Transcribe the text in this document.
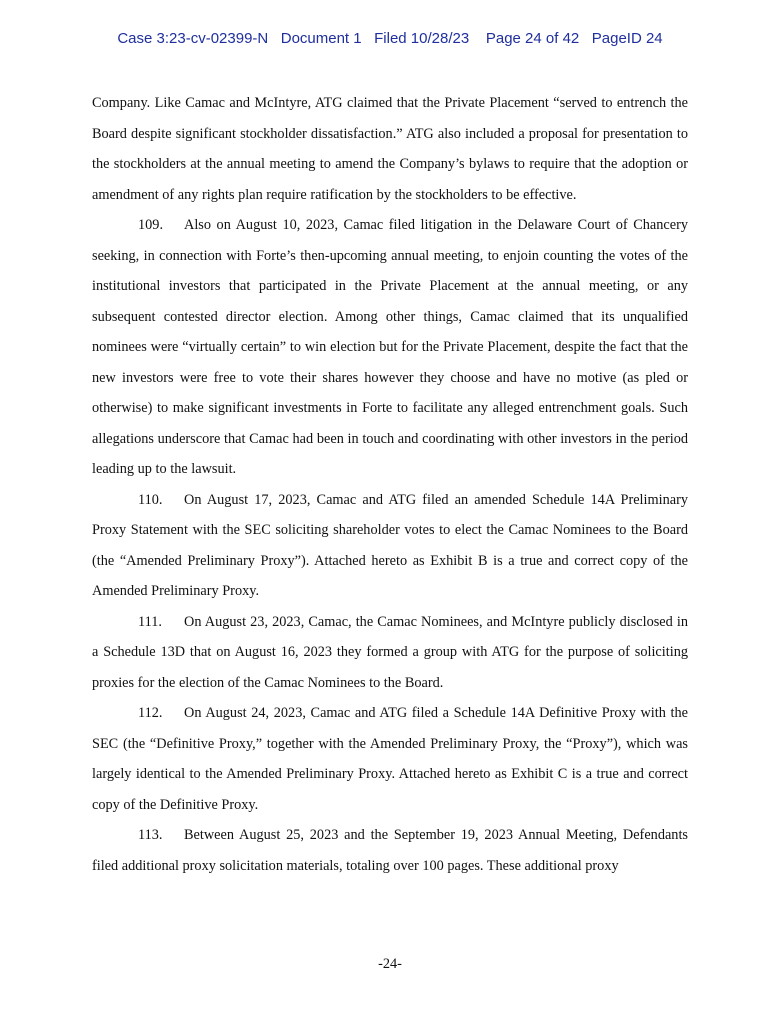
Case 3:23-cv-02399-N   Document 1   Filed 10/28/23    Page 24 of 42   PageID 24

Company. Like Camac and McIntyre, ATG claimed that the Private Placement “served to entrench the Board despite significant stockholder dissatisfaction.” ATG also included a proposal for presentation to the stockholders at the annual meeting to amend the Company’s bylaws to require that the adoption or amendment of any rights plan require ratification by the stockholders to be effective.

109. Also on August 10, 2023, Camac filed litigation in the Delaware Court of Chancery seeking, in connection with Forte’s then-upcoming annual meeting, to enjoin counting the votes of the institutional investors that participated in the Private Placement at the annual meeting, or any subsequent contested director election. Among other things, Camac claimed that its unqualified nominees were “virtually certain” to win election but for the Private Placement, despite the fact that the new investors were free to vote their shares however they choose and have no motive (as pled or otherwise) to make significant investments in Forte to facilitate any alleged entrenchment goals. Such allegations underscore that Camac had been in touch and coordinating with other investors in the period leading up to the lawsuit.

110. On August 17, 2023, Camac and ATG filed an amended Schedule 14A Preliminary Proxy Statement with the SEC soliciting shareholder votes to elect the Camac Nominees to the Board (the “Amended Preliminary Proxy”). Attached hereto as Exhibit B is a true and correct copy of the Amended Preliminary Proxy.

111. On August 23, 2023, Camac, the Camac Nominees, and McIntyre publicly disclosed in a Schedule 13D that on August 16, 2023 they formed a group with ATG for the purpose of soliciting proxies for the election of the Camac Nominees to the Board.

112. On August 24, 2023, Camac and ATG filed a Schedule 14A Definitive Proxy with the SEC (the “Definitive Proxy,” together with the Amended Preliminary Proxy, the “Proxy”), which was largely identical to the Amended Preliminary Proxy. Attached hereto as Exhibit C is a true and correct copy of the Definitive Proxy.

113. Between August 25, 2023 and the September 19, 2023 Annual Meeting, Defendants filed additional proxy solicitation materials, totaling over 100 pages. These additional proxy

-24-
